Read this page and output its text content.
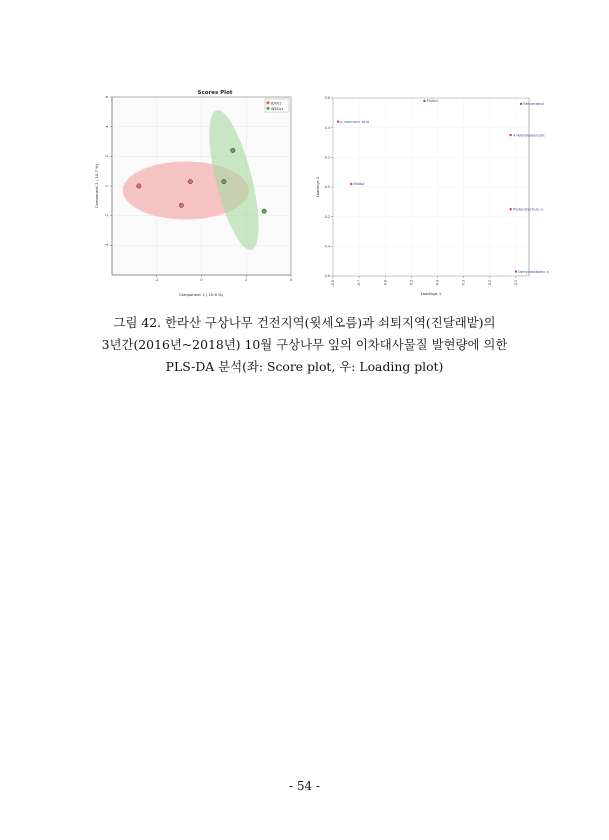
Scores Plot
-2	0	2	4
-4
-2
0
2
4
6
JDOct
WSOct
Component 1 ( 10.6 %)
Component 2 ( 10.7 %)
-0.8	-0.7	-0.6	-0.5	-0.4	-0.3	-0.2	-0.1
-0.6
-0.4
-0.2
0.0
0.2
0.4
0.6
Pinitol
Resveratrol
p coumaric acid
4 Hydroxybenzoic
Maltol
Protocatechuic a
Dehydroabietic a
Loadings 1
Loadings 2
그림 42. 한라산 구상나무 건전지역(윗세오름)과 쇠퇴지역(진달래밭)의
3년간(2016년~2018년) 10월 구상나무 잎의 이차대사물질 발현량에 의한
PLS-DA 분석(좌: Score plot, 우: Loading plot)
- 54 -
